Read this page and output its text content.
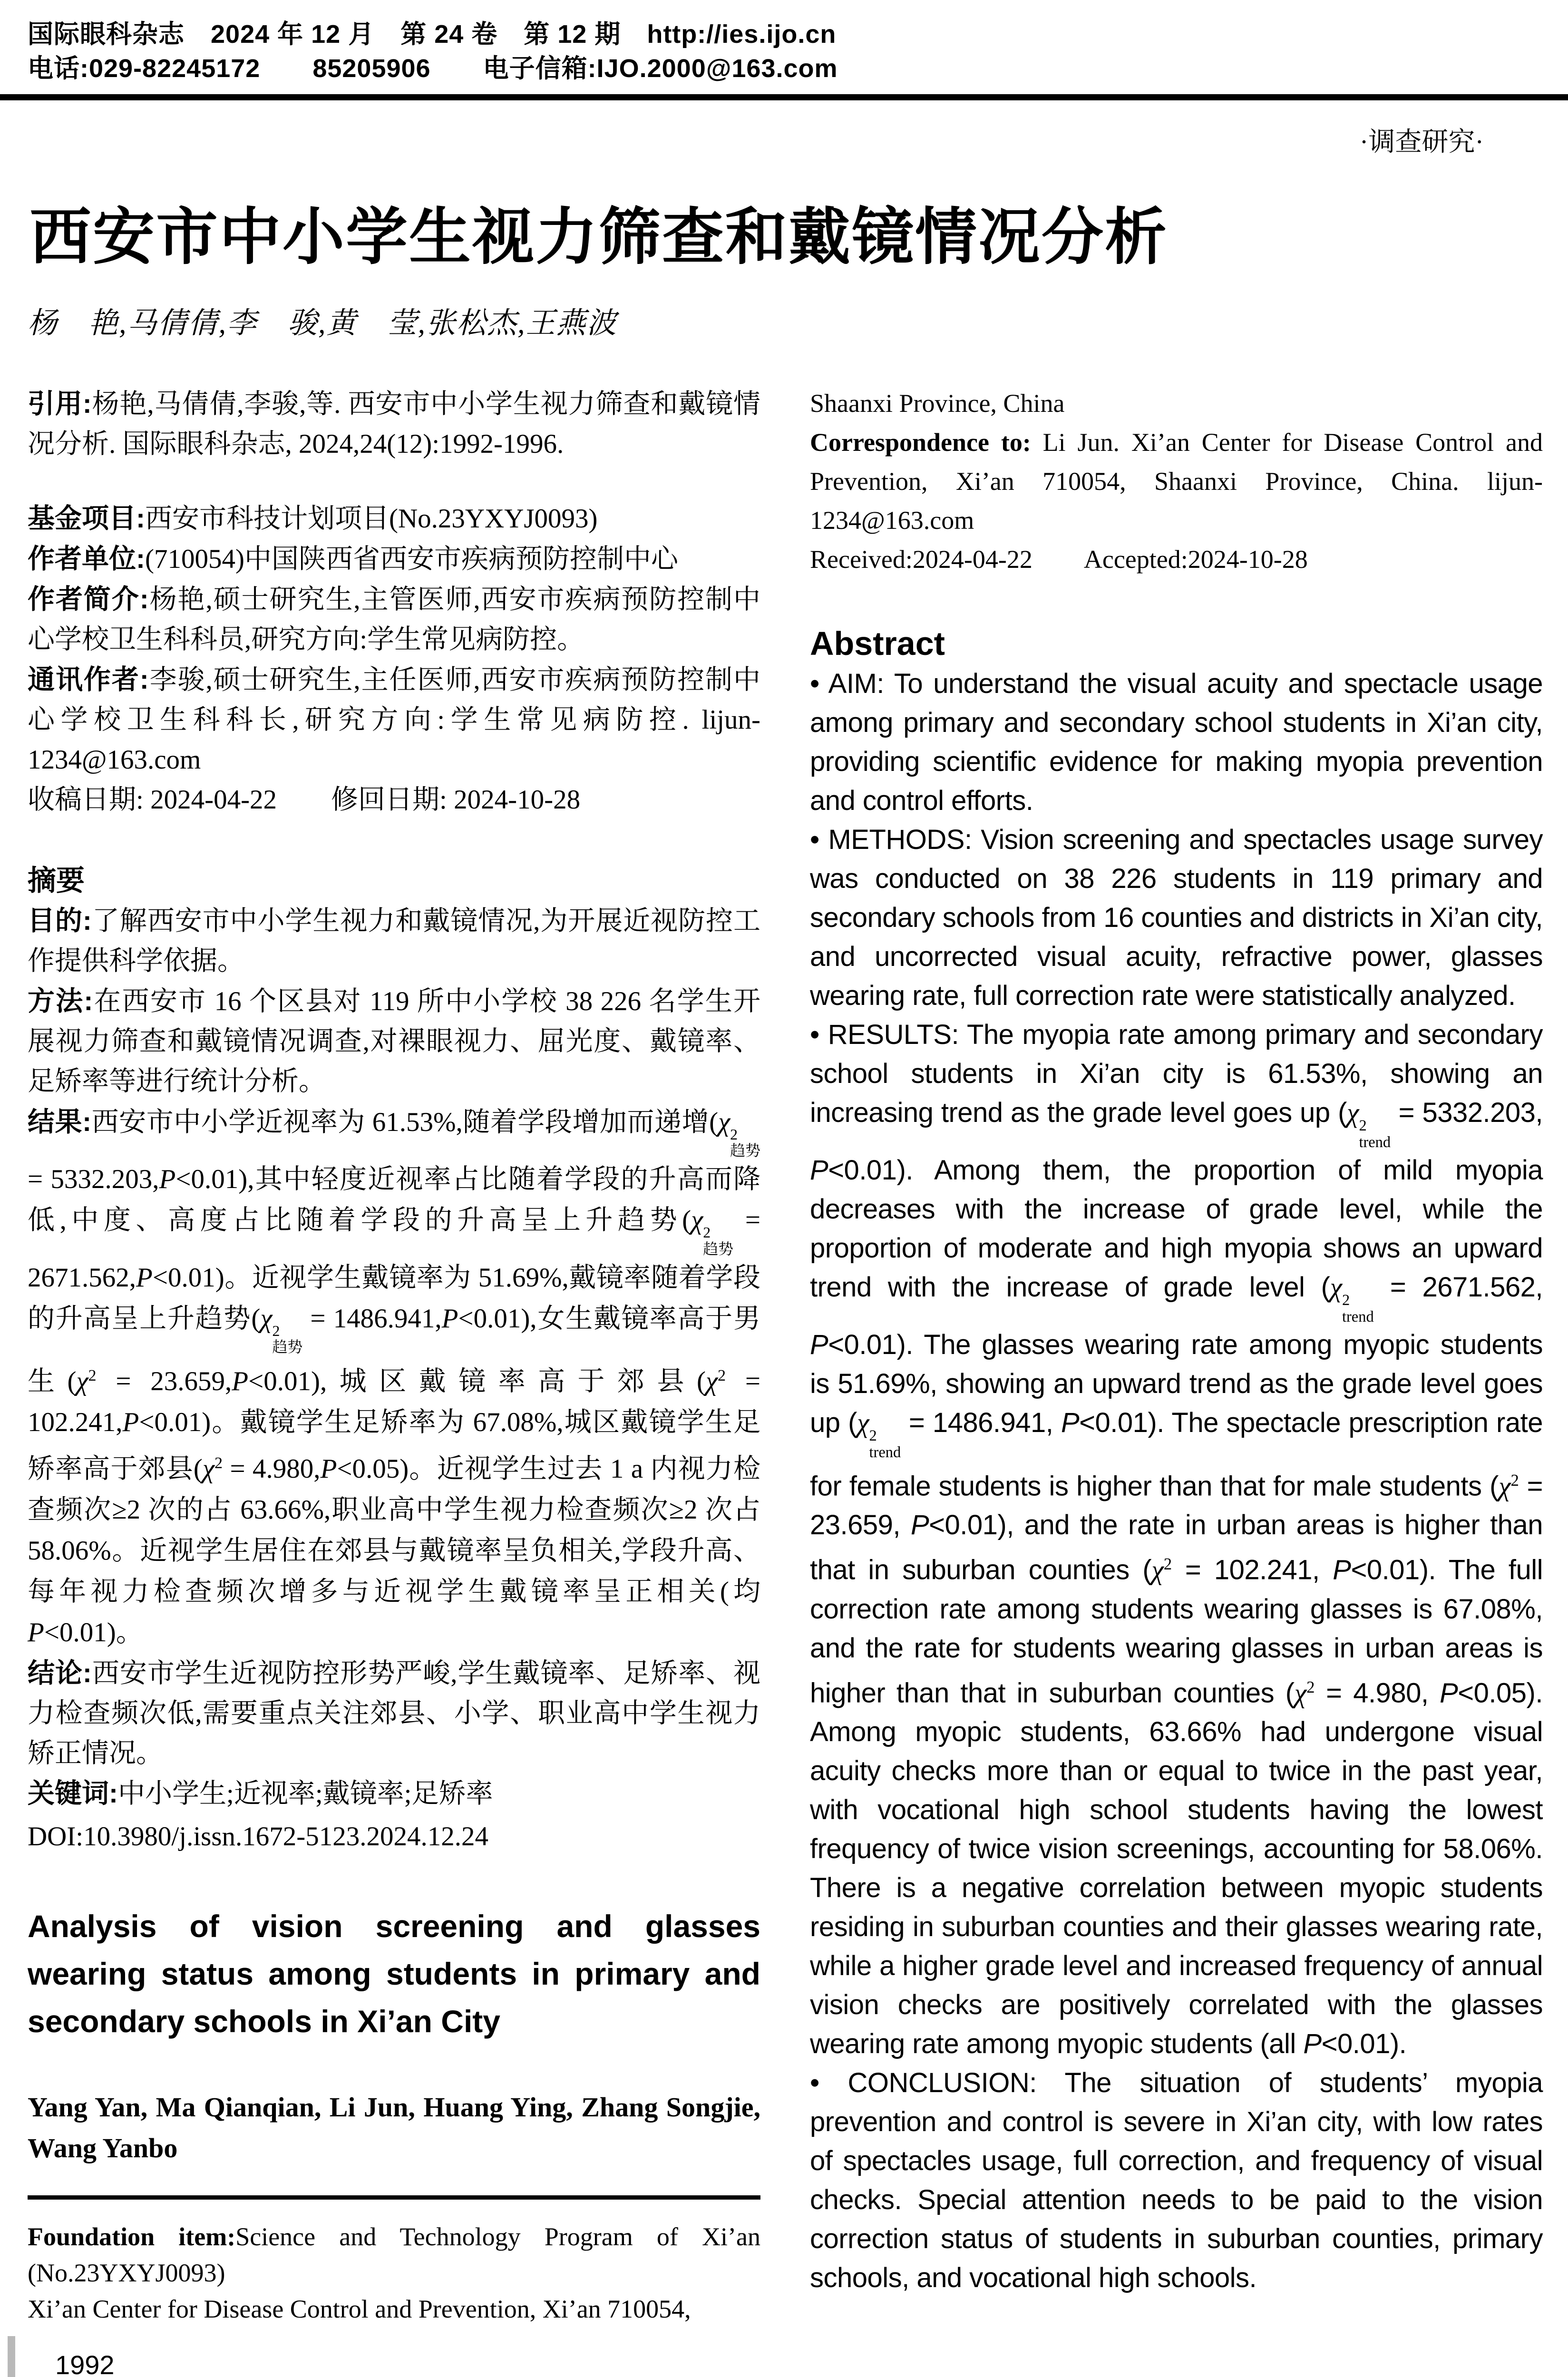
国际眼科杂志　2024 年 12 月　第 24 卷　第 12 期　http://ies.ijo.cn
电话:029-82245172　　85205906　　电子信箱:IJO.2000@163.com
·调查研究·
西安市中小学生视力筛查和戴镜情况分析
杨　艳,马倩倩,李　骏,黄　莹,张松杰,王燕波

引用:杨艳,马倩倩,李骏,等. 西安市中小学生视力筛查和戴镜情况分析. 国际眼科杂志, 2024,24(12):1992-1996.

基金项目:西安市科技计划项目(No.23YXYJ0093)

作者单位:(710054)中国陕西省西安市疾病预防控制中心

作者简介:杨艳,硕士研究生,主管医师,西安市疾病预防控制中心学校卫生科科员,研究方向:学生常见病防控。

通讯作者:李骏,硕士研究生,主任医师,西安市疾病预防控制中心学校卫生科科长,研究方向:学生常见病防控. lijun-1234@163.com

收稿日期: 2024-04-22　　修回日期: 2024-10-28

摘要

目的:了解西安市中小学生视力和戴镜情况,为开展近视防控工作提供科学依据。

方法:在西安市 16 个区县对 119 所中小学校 38 226 名学生开展视力筛查和戴镜情况调查,对裸眼视力、屈光度、戴镜率、足矫率等进行统计分析。

结果:西安市中小学近视率为 61.53%,随着学段增加而递增(χ 2
趋势
= 5332.203,P<0.01),其中轻度近视率占比随着学段的升高而降低,中度、高度占比随着学段的升高呈上升趋势(χ 2
趋势
= 2671.562,P<0.01)。近视学生戴镜率为 51.69%,戴镜率随着学段的升高呈上升趋势(χ 2
趋势
= 1486.941,P<0.01),女生戴镜率高于男生$(\chi^2 = 23.659,P<0.01)$,城区戴镜率高于郊县$(\chi^2 = 102.241,P<0.01)$。戴镜学生足矫率为 67.08%,城区戴镜学生足矫率高于郊县$(\chi^2 = 4.980,P<0.05)$。近视学生过去 1 a 内视力检查频次≥2 次的占 63.66%,职业高中学生视力检查频次≥2 次占 58.06%。近视学生居住在郊县与戴镜率呈负相关,学段升高、每年视力检查频次增多与近视学生戴镜率呈正相关(均 P<0.01)。

结论:西安市学生近视防控形势严峻,学生戴镜率、足矫率、视力检查频次低,需要重点关注郊县、小学、职业高中学生视力矫正情况。

关键词:中小学生;近视率;戴镜率;足矫率

DOI:10.3980/j.issn.1672-5123.2024.12.24

Analysis of vision screening and glasses wearing status among students in primary and secondary schools in Xi’an City

Yang Yan, Ma Qianqian, Li Jun, Huang Ying, Zhang Songjie, Wang Yanbo

Foundation item:Science and Technology Program of Xi’an (No.23YXYJ0093)

Xi’an Center for Disease Control and Prevention, Xi’an 710054,

1992

Shaanxi Province, China

Correspondence to: Li Jun. Xi’an Center for Disease Control and Prevention, Xi’an 710054, Shaanxi Province, China. lijun-1234@163.com

Received:2024-04-22　　Accepted:2024-10-28

Abstract

• AIM: To understand the visual acuity and spectacle usage among primary and secondary school students in Xi’an city, providing scientific evidence for making myopia prevention and control efforts.

• METHODS: Vision screening and spectacles usage survey was conducted on 38 226 students in 119 primary and secondary schools from 16 counties and districts in Xi’an city, and uncorrected visual acuity, refractive power, glasses wearing rate, full correction rate were statistically analyzed.

• RESULTS: The myopia rate among primary and secondary school students in Xi’an city is 61.53%, showing an increasing trend as the grade level goes up (χ 2
trend
= 5332.203, P<0.01). Among them, the proportion of mild myopia decreases with the increase of grade level, while the proportion of moderate and high myopia shows an upward trend with the increase of grade level (χ 2
trend
= 2671.562, P<0.01). The glasses wearing rate among myopic students is 51.69%, showing an upward trend as the grade level goes up (χ 2
trend
= 1486.941, P<0.01). The spectacle prescription rate for female students is higher than that for male students ($\chi^2 = 23.659$, P<0.01), and the rate in urban areas is higher than that in suburban counties ($\chi^2 = 102.241$, P<0.01). The full correction rate among students wearing glasses is 67.08%, and the rate for students wearing glasses in urban areas is higher than that in suburban counties ($\chi^2 = 4.980$, P<0.05). Among myopic students, 63.66% had undergone visual acuity checks more than or equal to twice in the past year, with vocational high school students having the lowest frequency of twice vision screenings, accounting for 58.06%. There is a negative correlation between myopic students residing in suburban counties and their glasses wearing rate, while a higher grade level and increased frequency of annual vision checks are positively correlated with the glasses wearing rate among myopic students (all P<0.01).

• CONCLUSION: The situation of students’ myopia prevention and control is severe in Xi’an city, with low rates of spectacles usage, full correction, and frequency of visual checks. Special attention needs to be paid to the vision correction status of students in suburban counties, primary schools, and vocational high schools.
